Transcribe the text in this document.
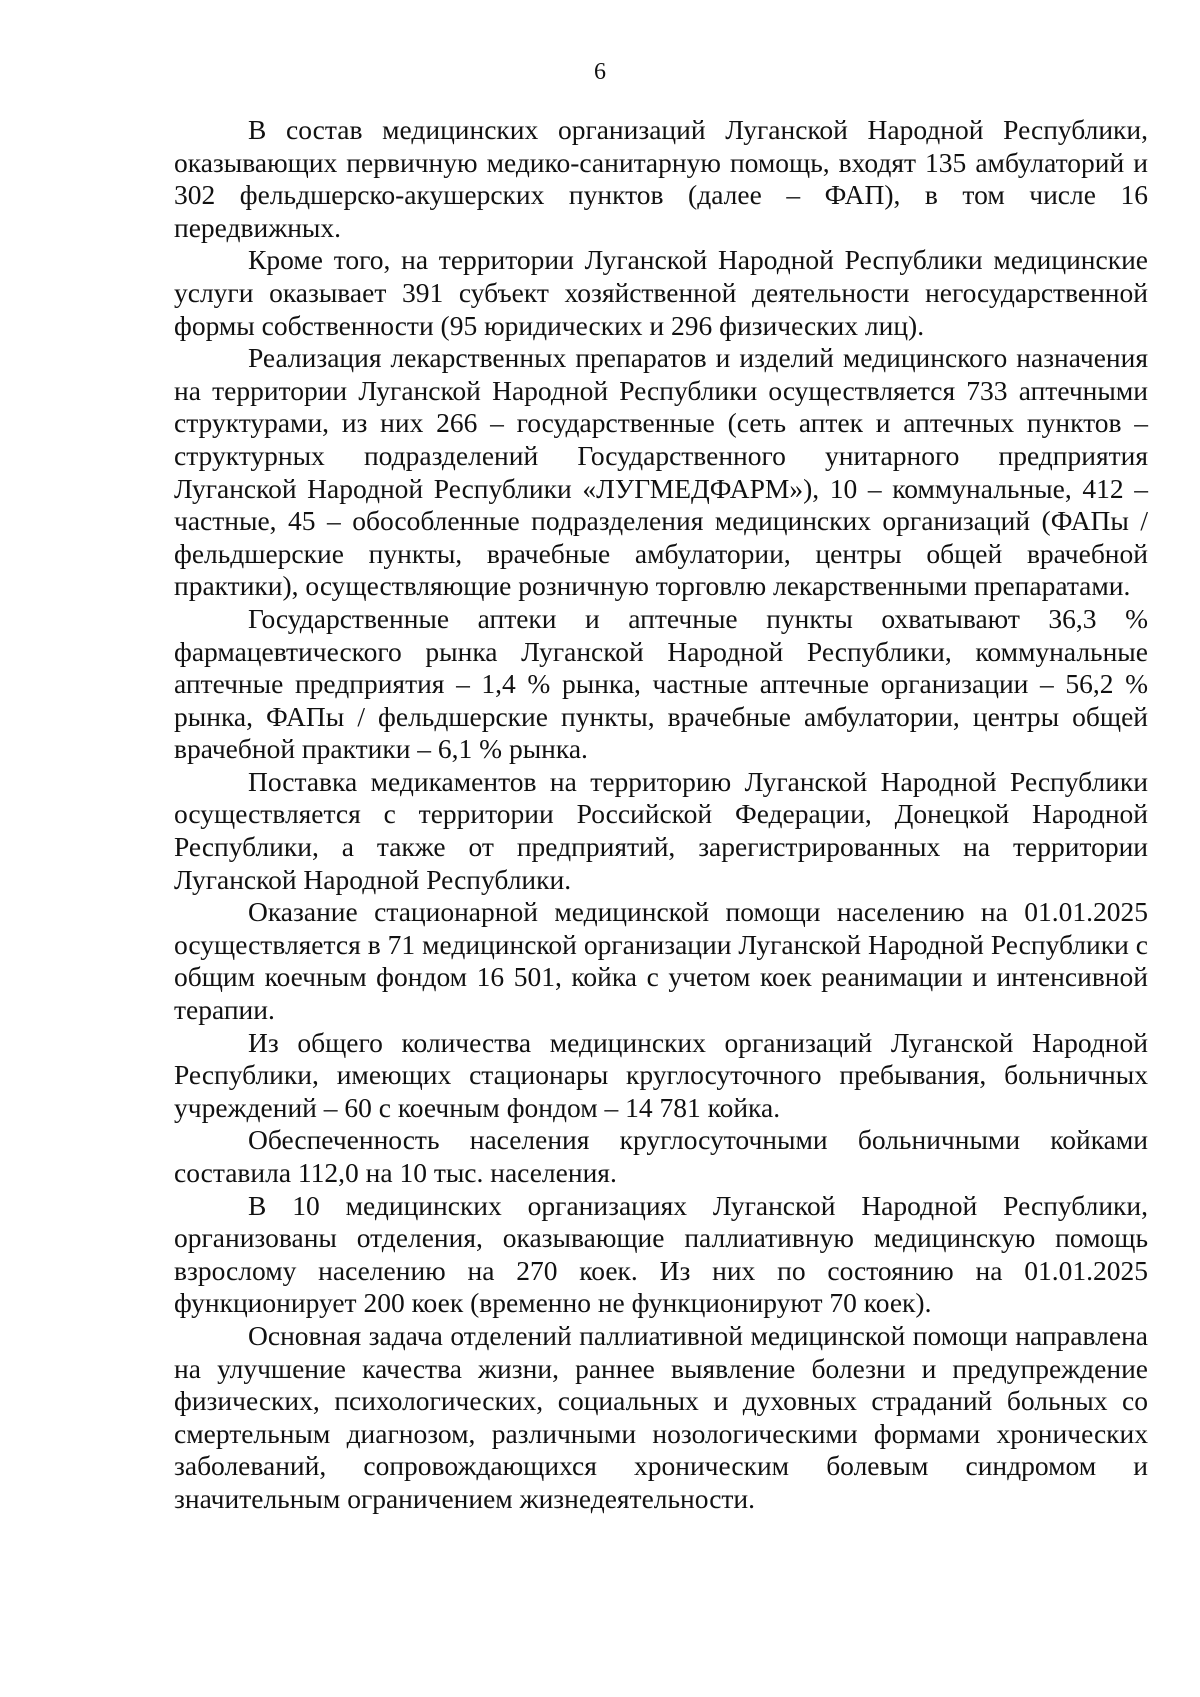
6

В состав медицинских организаций Луганской Народной Республики, оказывающих первичную медико-санитарную помощь, входят 135 амбулаторий и 302 фельдшерско-акушерских пунктов (далее – ФАП), в том числе 16 передвижных.

Кроме того, на территории Луганской Народной Республики медицинские услуги оказывает 391 субъект хозяйственной деятельности негосударственной формы собственности (95 юридических и 296 физических лиц).

Реализация лекарственных препаратов и изделий медицинского назначения на территории Луганской Народной Республики осуществляется 733 аптечными структурами, из них 266 – государственные (сеть аптек и аптечных пунктов – структурных подразделений Государственного унитарного предприятия Луганской Народной Республики «ЛУГМЕДФАРМ»), 10 – коммунальные, 412 – частные, 45 – обособленные подразделения медицинских организаций (ФАПы / фельдшерские пункты, врачебные амбулатории, центры общей врачебной практики), осуществляющие розничную торговлю лекарственными препаратами.

Государственные аптеки и аптечные пункты охватывают 36,3 % фармацевтического рынка Луганской Народной Республики, коммунальные аптечные предприятия – 1,4 % рынка, частные аптечные организации – 56,2 % рынка, ФАПы / фельдшерские пункты, врачебные амбулатории, центры общей врачебной практики – 6,1 % рынка.

Поставка медикаментов на территорию Луганской Народной Республики осуществляется с территории Российской Федерации, Донецкой Народной Республики, а также от предприятий, зарегистрированных на территории Луганской Народной Республики.

Оказание стационарной медицинской помощи населению на 01.01.2025 осуществляется в 71 медицинской организации Луганской Народной Республики с общим коечным фондом 16 501, койка с учетом коек реанимации и интенсивной терапии.

Из общего количества медицинских организаций Луганской Народной Республики, имеющих стационары круглосуточного пребывания, больничных учреждений – 60 с коечным фондом – 14 781 койка.

Обеспеченность населения круглосуточными больничными койками составила 112,0 на 10 тыс. населения.

В 10 медицинских организациях Луганской Народной Республики, организованы отделения, оказывающие паллиативную медицинскую помощь взрослому населению на 270 коек. Из них по состоянию на 01.01.2025 функционирует 200 коек (временно не функционируют 70 коек).

Основная задача отделений паллиативной медицинской помощи направлена на улучшение качества жизни, раннее выявление болезни и предупреждение физических, психологических, социальных и духовных страданий больных со смертельным диагнозом, различными нозологическими формами хронических заболеваний, сопровождающихся хроническим болевым синдромом и значительным ограничением жизнедеятельности.
